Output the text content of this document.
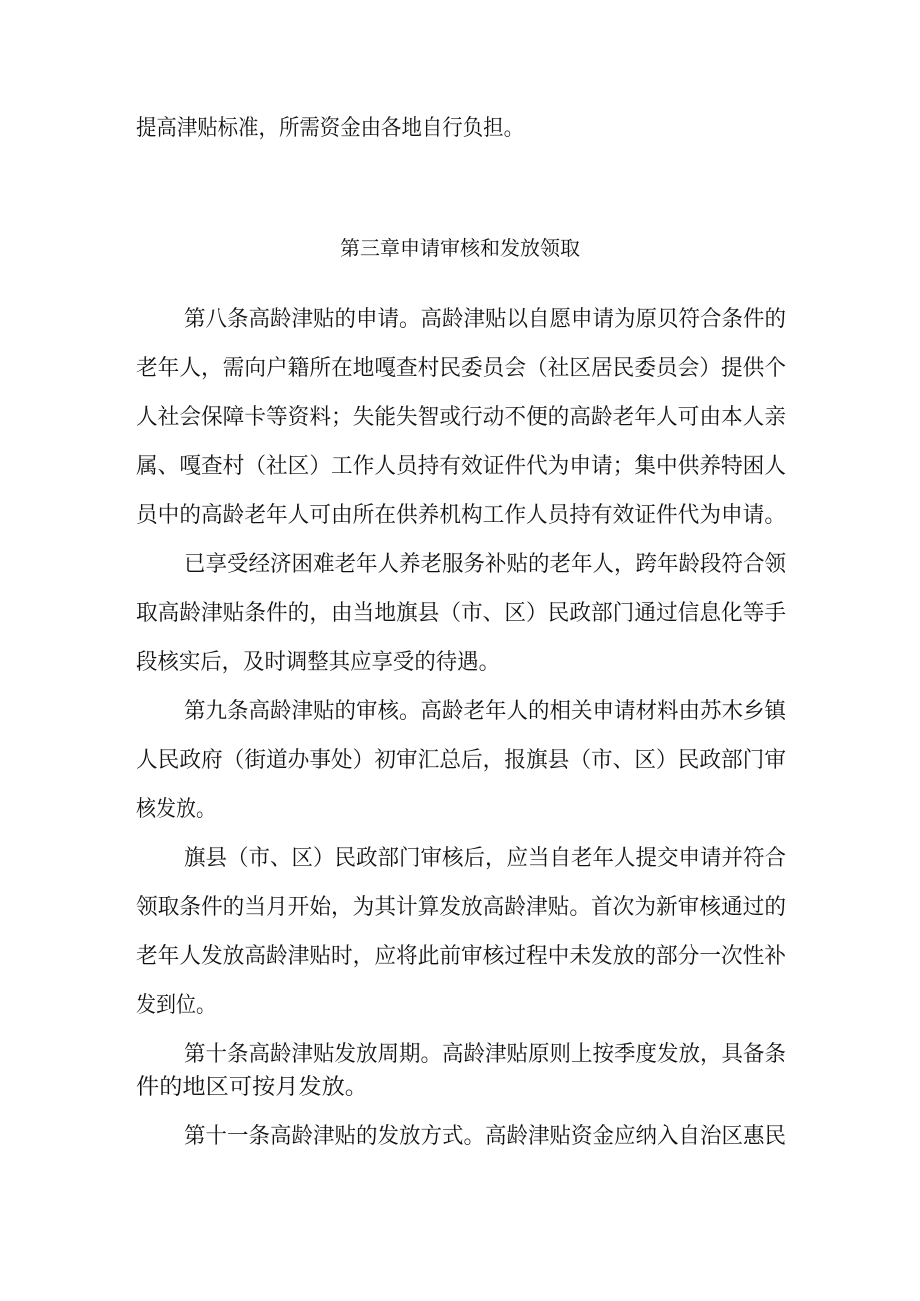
提高津贴标准，所需资金由各地自行负担。
第三章申请审核和发放领取
第八条高龄津贴的申请。高龄津贴以自愿申请为原贝符合条件的
老年人，需向户籍所在地嘎查村民委员会（社区居民委员会）提供个
人社会保障卡等资料；失能失智或行动不便的高龄老年人可由本人亲
属、嘎查村（社区）工作人员持有效证件代为申请；集中供养特困人
员中的高龄老年人可由所在供养机构工作人员持有效证件代为申请。
已享受经济困难老年人养老服务补贴的老年人，跨年龄段符合领
取高龄津贴条件的，由当地旗县（市、区）民政部门通过信息化等手
段核实后，及时调整其应享受的待遇。
第九条高龄津贴的审核。高龄老年人的相关申请材料由苏木乡镇
人民政府（街道办事处）初审汇总后，报旗县（市、区）民政部门审
核发放。
旗县（市、区）民政部门审核后，应当自老年人提交申请并符合
领取条件的当月开始，为其计算发放高龄津贴。首次为新审核通过的
老年人发放高龄津贴时，应将此前审核过程中未发放的部分一次性补
发到位。
第十条高龄津贴发放周期。高龄津贴原则上按季度发放，具备条
件的地区可按月发放。
第十一条高龄津贴的发放方式。高龄津贴资金应纳入自治区惠民
